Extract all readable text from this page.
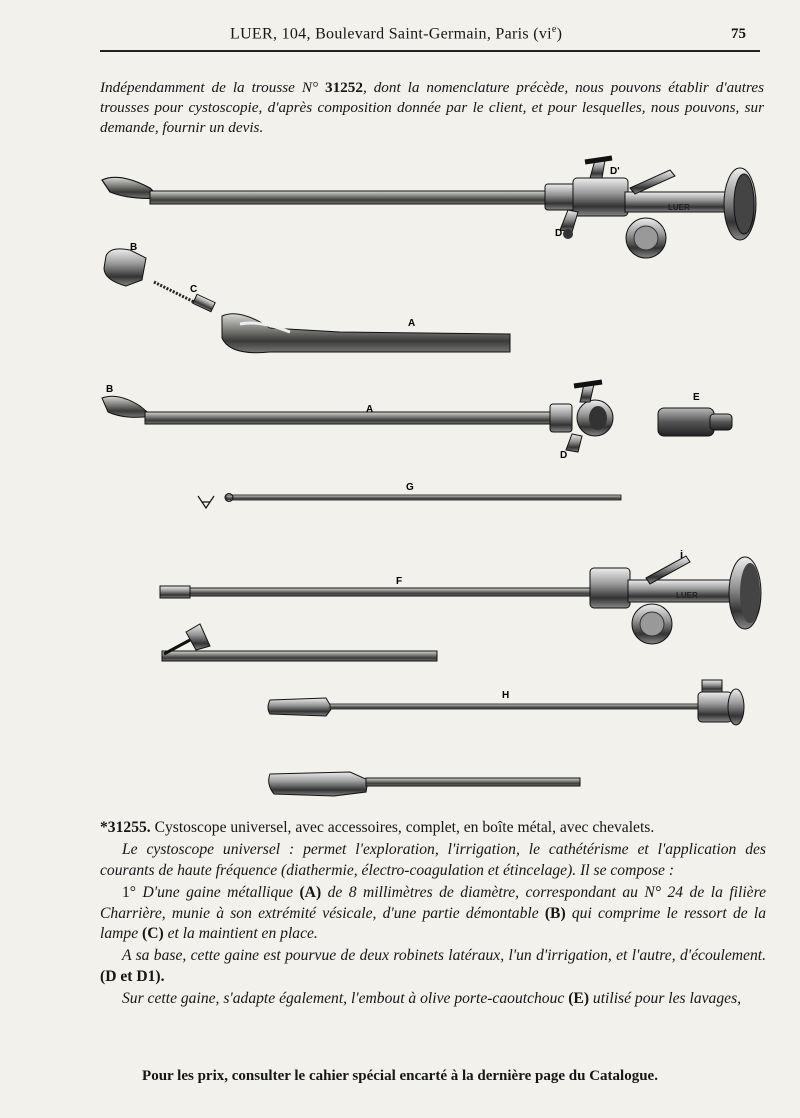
LUER, 104, Boulevard Saint-Germain, Paris $(vi^e)$	75
Indépendamment de la trousse N° 31252, dont la nomenclature précède, nous pouvons établir d'autres trousses pour cystoscopie, d'après composition donnée par le client, et pour lesquelles, nous pouvons, sur demande, fournir un devis.
LUER
D'
D
B
C
A
B
A
D
E
G
LUER
i
F
H

*31255. Cystoscope universel, avec accessoires, complet, en boîte métal, avec chevalets.

Le cystoscope universel : permet l'exploration, l'irrigation, le cathétérisme et l'application des courants de haute fréquence (diathermie, électro-coagulation et étincelage). Il se compose :

1° D'une gaine métallique (A) de 8 millimètres de diamètre, correspondant au N° 24 de la filière Charrière, munie à son extrémité vésicale, d'une partie démontable (B) qui comprime le ressort de la lampe (C) et la maintient en place.

A sa base, cette gaine est pourvue de deux robinets latéraux, l'un d'irrigation, et l'autre, d'écoulement. (D et D1).

Sur cette gaine, s'adapte également, l'embout à olive porte-caoutchouc (E) utilisé pour les lavages,

Pour les prix, consulter le cahier spécial encarté à la dernière page du Catalogue.
